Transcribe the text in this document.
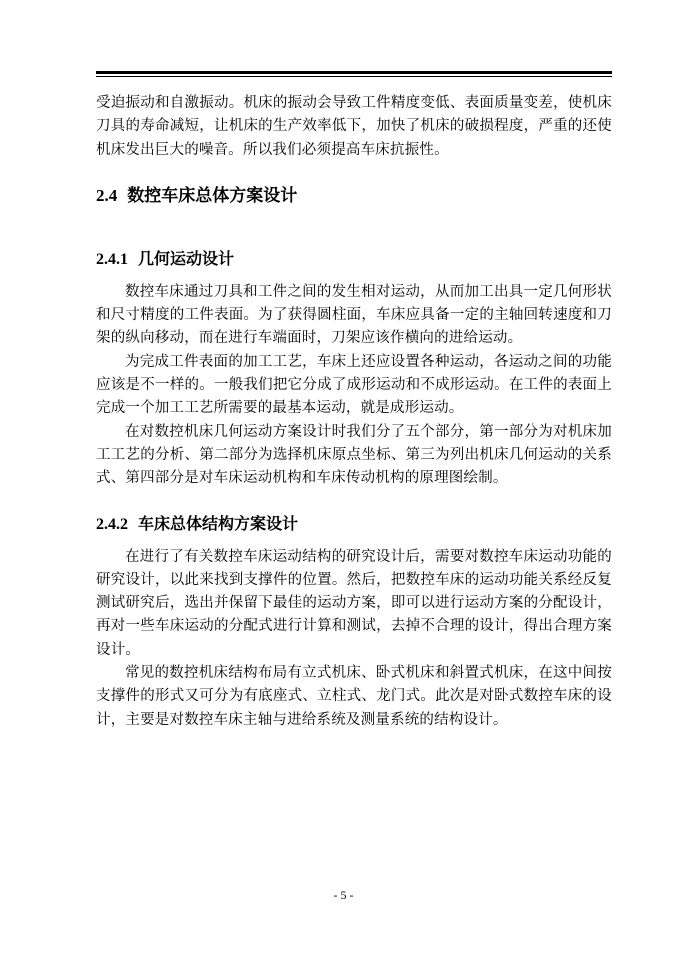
受迫振动和自激振动。机床的振动会导致工件精度变低、表面质量变差，使机床刀具的寿命减短，让机床的生产效率低下，加快了机床的破损程度，严重的还使机床发出巨大的噪音。所以我们必须提高车床抗振性。

2.4 数控车床总体方案设计
2.4.1 几何运动设计

数控车床通过刀具和工件之间的发生相对运动，从而加工出具一定几何形状和尺寸精度的工件表面。为了获得圆柱面，车床应具备一定的主轴回转速度和刀架的纵向移动，而在进行车端面时，刀架应该作横向的进给运动。

为完成工件表面的加工工艺，车床上还应设置各种运动，各运动之间的功能应该是不一样的。一般我们把它分成了成形运动和不成形运动。在工件的表面上完成一个加工工艺所需要的最基本运动，就是成形运动。

在对数控机床几何运动方案设计时我们分了五个部分，第一部分为对机床加工工艺的分析、第二部分为选择机床原点坐标、第三为列出机床几何运动的关系式、第四部分是对车床运动机构和车床传动机构的原理图绘制。

2.4.2 车床总体结构方案设计

在进行了有关数控车床运动结构的研究设计后，需要对数控车床运动功能的研究设计，以此来找到支撑件的位置。然后，把数控车床的运动功能关系经反复测试研究后，选出并保留下最佳的运动方案，即可以进行运动方案的分配设计，再对一些车床运动的分配式进行计算和测试，去掉不合理的设计，得出合理方案设计。

常见的数控机床结构布局有立式机床、卧式机床和斜置式机床，在这中间按支撑件的形式又可分为有底座式、立柱式、龙门式。此次是对卧式数控车床的设计，主要是对数控车床主轴与进给系统及测量系统的结构设计。

- 5 -
